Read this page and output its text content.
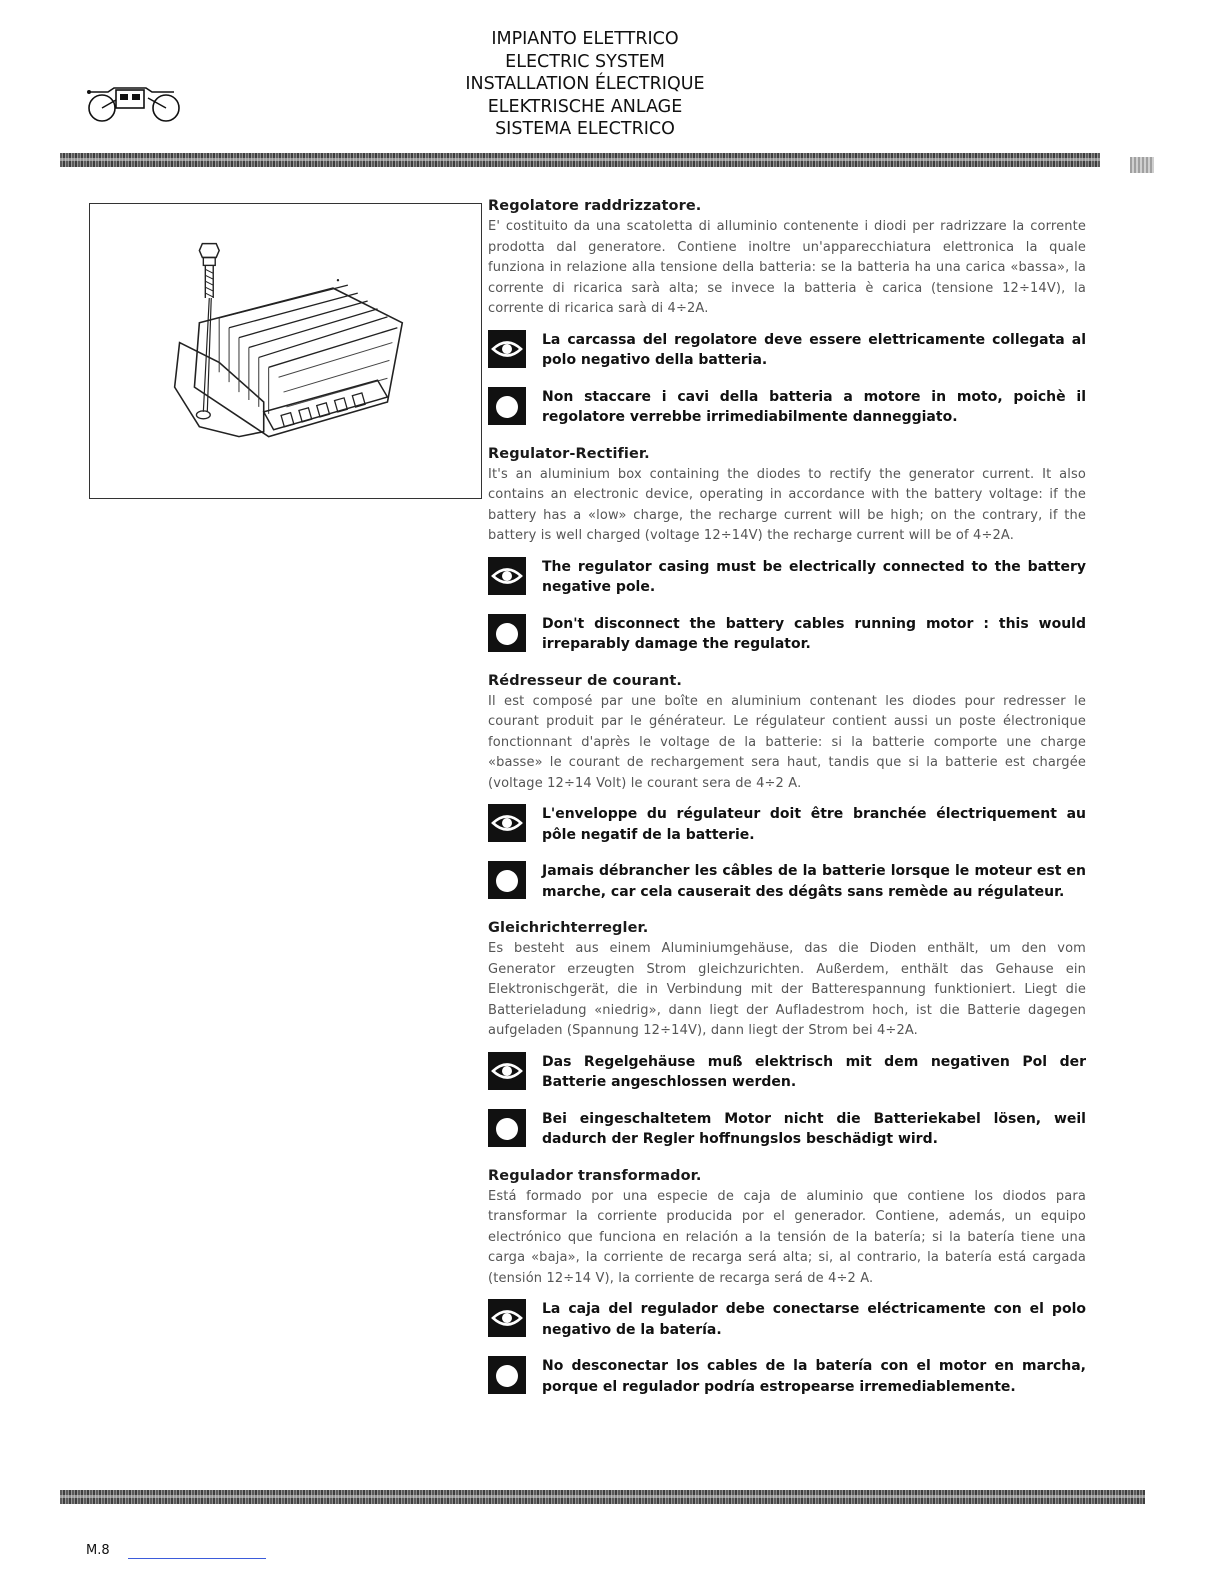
IMPIANTO ELETTRICO
ELECTRIC SYSTEM
INSTALLATION ÉLECTRIQUE
ELEKTRISCHE ANLAGE
SISTEMA ELECTRICO
Regolatore raddrizzatore.
E' costituito da una scatoletta di alluminio contenente i diodi per radrizzare la corrente prodotta dal generatore. Contiene inoltre un'apparecchiatura elettronica la quale funziona in relazione alla tensione della batteria: se la batteria ha una carica «bassa», la corrente di ricarica sarà alta; se invece la batteria è carica (tensione 12÷14V), la corrente di ricarica sarà di 4÷2A.
La carcassa del regolatore deve essere elettricamente collegata al polo negativo della batteria.
Non staccare i cavi della batteria a motore in moto, poichè il regolatore verrebbe irrimediabilmente danneggiato.
Regulator-Rectifier.
It's an aluminium box containing the diodes to rectify the generator current. It also contains an electronic device, operating in accordance with the battery voltage: if the battery has a «low» charge, the recharge current will be high; on the contrary, if the battery is well charged (voltage 12÷14V) the recharge current will be of 4÷2A.
The regulator casing must be electrically connected to the battery negative pole.
Don't disconnect the battery cables running motor : this would irreparably damage the regulator.
Rédresseur de courant.
Il est composé par une boîte en aluminium contenant les diodes pour redresser le courant produit par le générateur. Le régulateur contient aussi un poste électronique fonctionnant d'après le voltage de la batterie: si la batterie comporte une charge «basse» le courant de rechargement sera haut, tandis que si la batterie est chargée (voltage 12÷14 Volt) le courant sera de 4÷2 A.
L'enveloppe du régulateur doit être branchée électriquement au pôle negatif de la batterie.
Jamais débrancher les câbles de la batterie lorsque le moteur est en marche, car cela causerait des dégâts sans remède au régulateur.
Gleichrichterregler.
Es besteht aus einem Aluminiumgehäuse, das die Dioden enthält, um den vom Generator erzeugten Strom gleichzurichten. Außerdem, enthält das Gehause ein Elektronischgerät, die in Verbindung mit der Batterespannung funktioniert. Liegt die Batterieladung «niedrig», dann liegt der Aufladestrom hoch, ist die Batterie dagegen aufgeladen (Spannung 12÷14V), dann liegt der Strom bei 4÷2A.
Das Regelgehäuse muß elektrisch mit dem negativen Pol der Batterie angeschlossen werden.
Bei eingeschaltetem Motor nicht die Batteriekabel lösen, weil dadurch der Regler hoffnungslos beschädigt wird.
Regulador transformador.
Está formado por una especie de caja de aluminio que contiene los diodos para transformar la corriente producida por el generador. Contiene, además, un equipo electrónico que funciona en relación a la tensión de la batería; si la batería tiene una carga «baja», la corriente de recarga será alta; si, al contrario, la batería está cargada (tensión 12÷14 V), la corriente de recarga será de 4÷2 A.
La caja del regulador debe conectarse eléctricamente con el polo negativo de la batería.
No desconectar los cables de la batería con el motor en marcha, porque el regulador podría estropearse irremediablemente.
M.8
